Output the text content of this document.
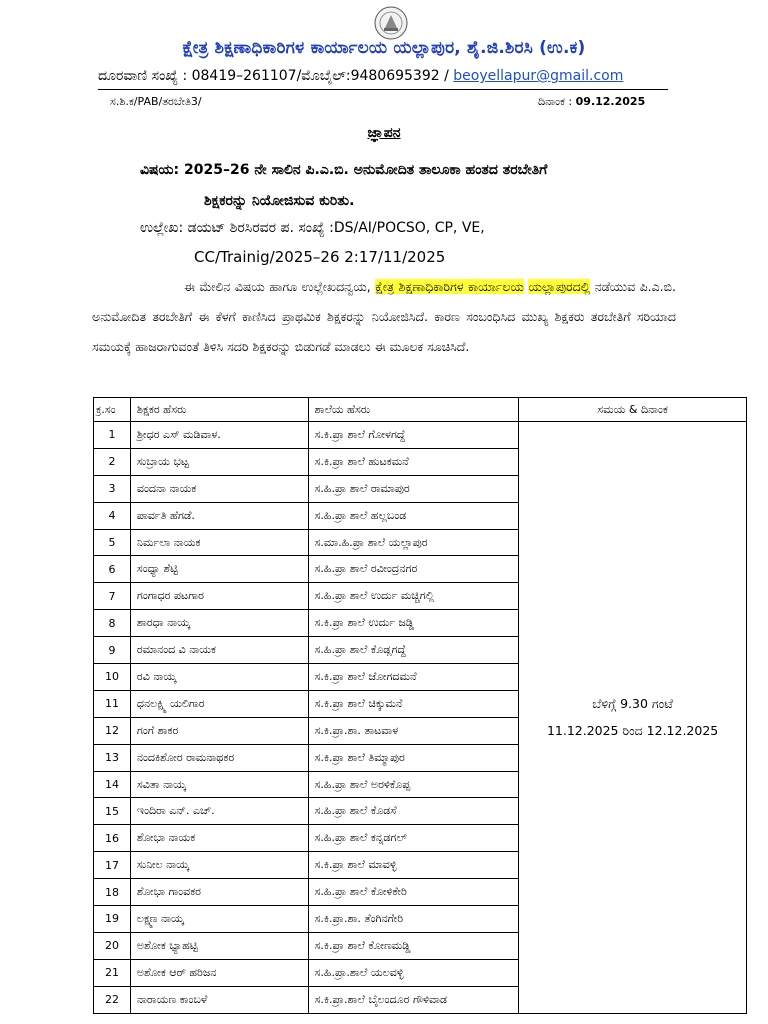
ಕ್ಷೇತ್ರ ಶಿಕ್ಷಣಾಧಿಕಾರಿಗಳ ಕಾರ್ಯಾಲಯ ಯಲ್ಲಾಪುರ, ಶೈ.ಜಿ.ಶಿರಸಿ (ಉ.ಕ)
ದೂರವಾಣಿ ಸಂಖ್ಯೆ : 08419–261107/ಮೊಬೈಲ್:9480695392 / beoyellapur@gmail.com
ಸ.ಶಿ.ಕ/PAB/ತರಬೇತಿ3/	ದಿನಾಂಕ : 09.12.2025
ಜ್ಞಾಪನ
ವಿಷಯ: 2025–26 ನೇ ಸಾಲಿನ ಪಿ.ಎ.ಬಿ. ಅನುಮೋದಿತ ತಾಲೂಕಾ ಹಂತದ ತರಬೇತಿಗೆ
ಶಿಕ್ಷಕರನ್ನು ನಿಯೋಜಿಸುವ ಕುರಿತು.
ಉಲ್ಲೇಖ: ಡಯಟ್ ಶಿರಸಿರವರ ಪ. ಸಂಖ್ಯೆ :DS/AI/POCSO, CP, VE,
CC/Trainig/2025–26 2:17/11/2025
ಈ ಮೇಲಿನ ವಿಷಯ ಹಾಗೂ ಉಲ್ಲೇಖದನ್ವಯ, ಕ್ಷೇತ್ರ ಶಿಕ್ಷಣಾಧಿಕಾರಿಗಳ ಕಾರ್ಯಾಲಯ ಯಲ್ಲಾಪುರದಲ್ಲಿ ನಡೆಯುವ ಪಿ.ಎ.ಬಿ. ಅನುಮೋದಿತ ತರಬೇತಿಗೆ ಈ ಕೆಳಗೆ ಕಾಣಿಸಿದ ಪ್ರಾಥಮಿಕ ಶಿಕ್ಷಕರನ್ನು ನಿಯೋಜಿಸಿದೆ. ಕಾರಣ ಸಂಬಂಧಿಸಿದ ಮುಖ್ಯ ಶಿಕ್ಷಕರು ತರಬೇತಿಗೆ ಸರಿಯಾದ ಸಮಯಕ್ಕೆ ಹಾಜರಾಗುವಂತೆ ತಿಳಿಸಿ ಸದರಿ ಶಿಕ್ಷಕರನ್ನು ಬಿಡುಗಡೆ ಮಾಡಲು ಈ ಮೂಲಕ ಸೂಚಿಸಿದೆ.
ಕ್ರ.ಸಂ	ಶಿಕ್ಷಕರ ಹೆಸರು	ಶಾಲೆಯ ಹೆಸರು	ಸಮಯ & ದಿನಾಂಕ
1	ಶ್ರೀಧರ ಎಸ್ ಮಡಿವಾಳ.	ಸ.ಕಿ.ಪ್ರಾ ಶಾಲೆ ಗೋಳಗದ್ದೆ	ಬೆಳಿಗ್ಗೆ 9.30 ಗಂಟೆ
11.12.2025 ರಿಂದ 12.12.2025

2	ಸುಬ್ರಾಯ ಭಟ್ಟ	ಸ.ಕಿ.ಪ್ರಾ ಶಾಲೆ ಹುಟಕಮನೆ	
3	ವಂದನಾ ನಾಯಕ	ಸ.ಹಿ.ಪ್ರಾ ಶಾಲೆ ರಾಮಾಪುರ	
4	ಪಾರ್ವತಿ ಹೆಗಡೆ.	ಸ.ಹಿ.ಪ್ರಾ ಶಾಲೆ ಹಲ್ಲಬಂಡ	
5	ನಿರ್ಮಲಾ ನಾಯಕ	ಸ.ಮಾ.ಹಿ.ಪ್ರಾ ಶಾಲೆ ಯಲ್ಲಾಪುರ	
6	ಸಂಧ್ಯಾ ಶೆಟ್ಟಿ	ಸ.ಹಿ.ಪ್ರಾ ಶಾಲೆ ರವೀಂದ್ರನಗರ	
7	ಗಂಗಾಧರ ಪಟಗಾರ	ಸ.ಹಿ.ಪ್ರಾ ಶಾಲೆ ಉರ್ದು ಮಚ್ಚಿಗಲ್ಲಿ	
8	ಶಾರಧಾ ನಾಯ್ಕ	ಸ.ಕಿ.ಪ್ರಾ ಶಾಲೆ ಉರ್ದು ಜಡ್ಡಿ	
9	ರಮಾನಂದ ವಿ ನಾಯಕ	ಸ.ಹಿ.ಪ್ರಾ ಶಾಲೆ ಕೊಡ್ಲಗದ್ದೆ	
10	ರವಿ ನಾಯ್ಕ	ಸ.ಕಿ.ಪ್ರಾ ಶಾಲೆ ಜೋಗದಮನೆ	
11	ಧನಲಕ್ಷ್ಮಿ ಯಲಿಗಾರ	ಸ.ಕಿ.ಪ್ರಾ ಶಾಲೆ ಚಿಕ್ಕುಮನೆ	
12	ಗಂಗೆ ಶಾಕರ	ಸ.ಕಿ.ಪ್ರಾ.ಶಾ. ತಾಟವಾಳ	
13	ನಂದಕಿಶೋರ ರಾಮನಾಥಕರ	ಸ.ಕಿ.ಪ್ರಾ ಶಾಲೆ ತಿಮ್ಮಾಪುರ	
14	ಸವಿತಾ ನಾಯ್ಕ	ಸ.ಹಿ.ಪ್ರಾ ಶಾಲೆ ಅರಳಿಕೊಪ್ಪ	
15	ಇಂದಿರಾ ಎನ್. ಎಚ್.	ಸ.ಹಿ.ಪ್ರಾ ಶಾಲೆ ಕೊಡಸೆ	
16	ಶೋಭಾ ನಾಯಕ	ಸ.ಹಿ.ಪ್ರಾ ಶಾಲೆ ಕನ್ನಡಗಲ್	
17	ಸುನೀಲ ನಾಯ್ಕ	ಸ.ಕಿ.ಪ್ರಾ ಶಾಲೆ ಮಾವಳ್ಳಿ	
18	ಶೋಭಾ ಗಾಂವಕರ	ಸ.ಹಿ.ಪ್ರಾ ಶಾಲೆ ಕೋಳಿಕೇರಿ	
19	ಲಕ್ಷ್ಮಣ ನಾಯ್ಕ	ಸ.ಕಿ.ಪ್ರಾ.ಶಾ. ತೆಂಗಿನಗೇರಿ	
20	ಅಶೋಕ ಭ್ಯಾಹಟ್ಟಿ	ಸ.ಕಿ.ಪ್ರಾ ಶಾಲೆ ಕೋಣಮಡ್ಡಿ	
21	ಅಶೋಕ ಆರ್ ಹರಿಜನ	ಸ.ಹಿ.ಪ್ರಾ.ಶಾಲೆ ಯಲವಳ್ಳಿ	
22	ನಾರಾಯಣ ಕಾಂಬಳೆ	ಸ.ಕಿ.ಪ್ರಾ.ಶಾಲೆ ಬೈಲಂದೂರ ಗೌಳಿವಾಡ	
